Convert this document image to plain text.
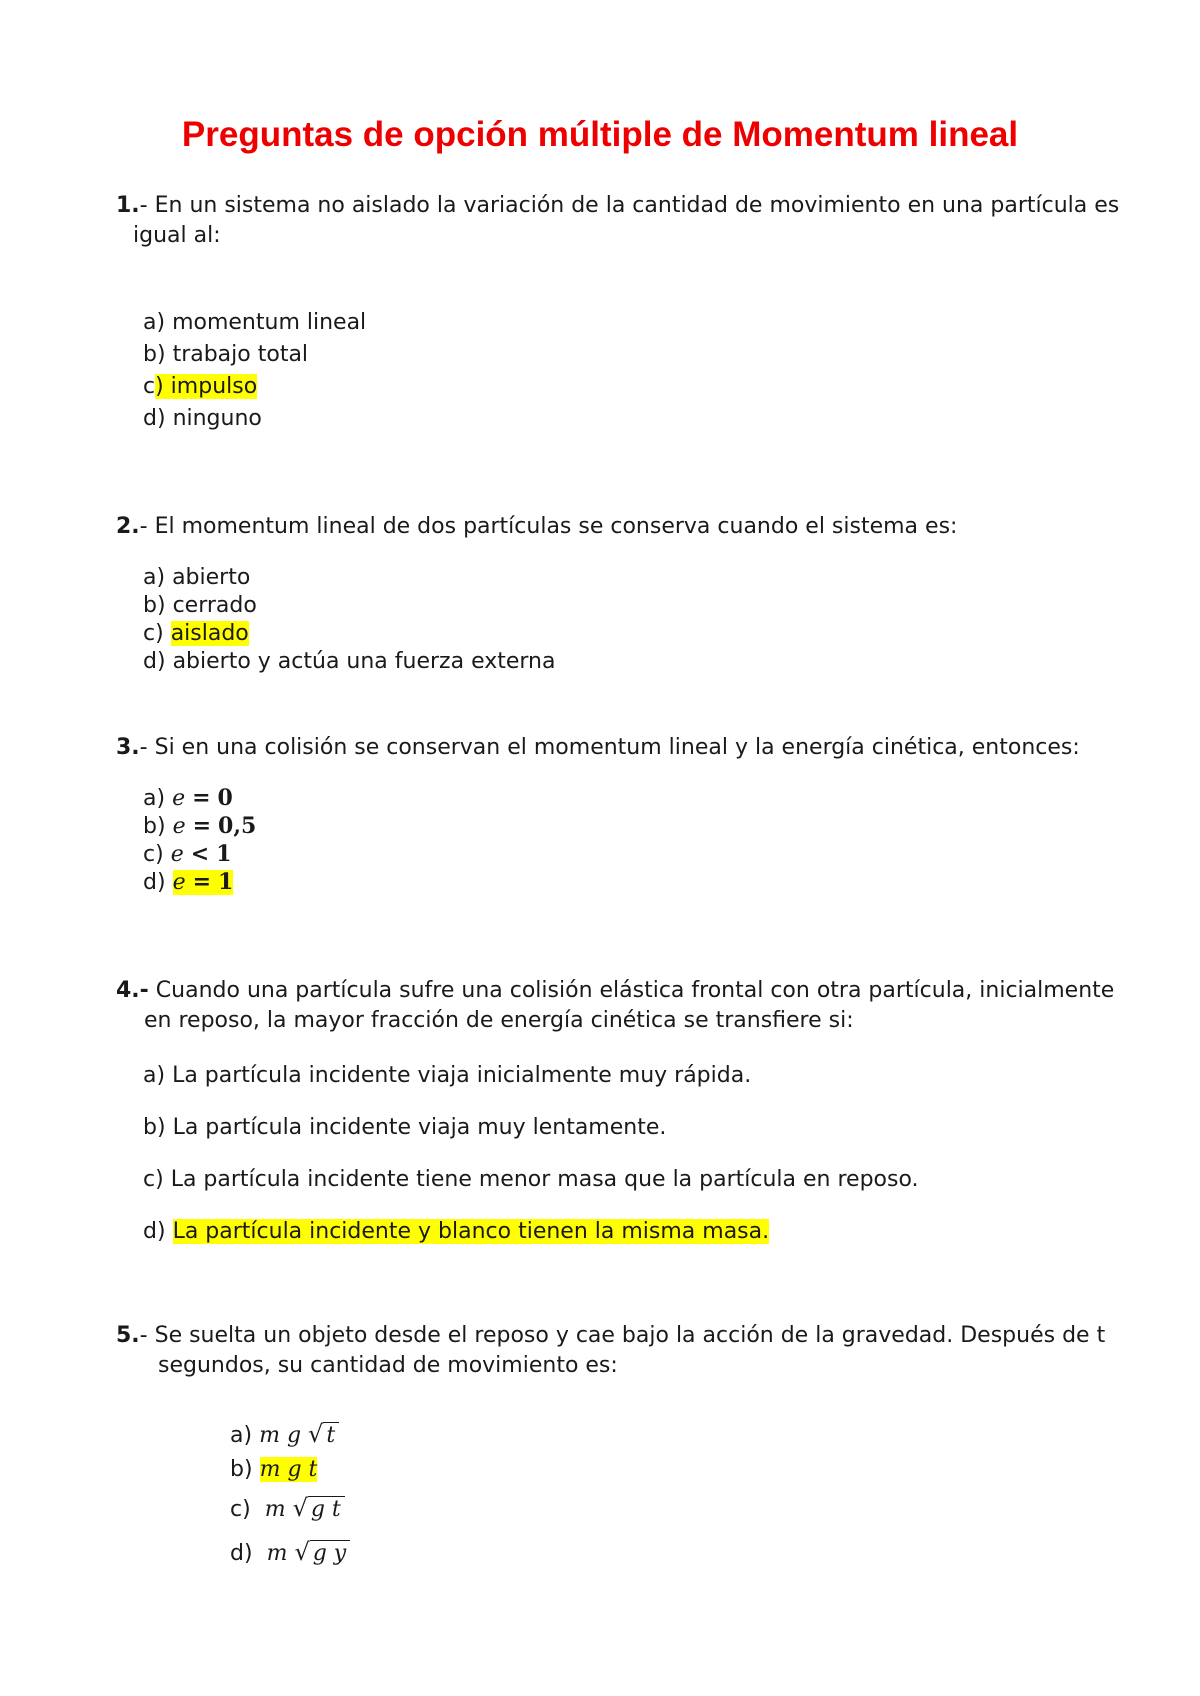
Preguntas de opción múltiple de Momentum lineal
1.- En un sistema no aislado la variación de la cantidad de movimiento en una partícula es
igual al:
a) momentum lineal
b) trabajo total
c) impulso
d) ninguno
2.- El momentum lineal de dos partículas se conserva cuando el sistema es:
a) abierto
b) cerrado
c) aislado
d) abierto y actúa una fuerza externa
3.- Si en una colisión se conservan el momentum lineal y la energía cinética, entonces:
a) e = 0
b) e = 0,5
c) e < 1
d) e = 1
4.- Cuando una partícula sufre una colisión elástica frontal con otra partícula, inicialmente
en reposo, la mayor fracción de energía cinética se transfiere si:
a) La partícula incidente viaja inicialmente muy rápida.
b) La partícula incidente viaja muy lentamente.
c) La partícula incidente tiene menor masa que la partícula en reposo.
d) La partícula incidente y blanco tienen la misma masa.
5.- Se suelta un objeto desde el reposo y cae bajo la acción de la gravedad. Después de t
segundos, su cantidad de movimiento es:
a) m g √ t
b) m g t
c) m √ g t
d) m √ g y
